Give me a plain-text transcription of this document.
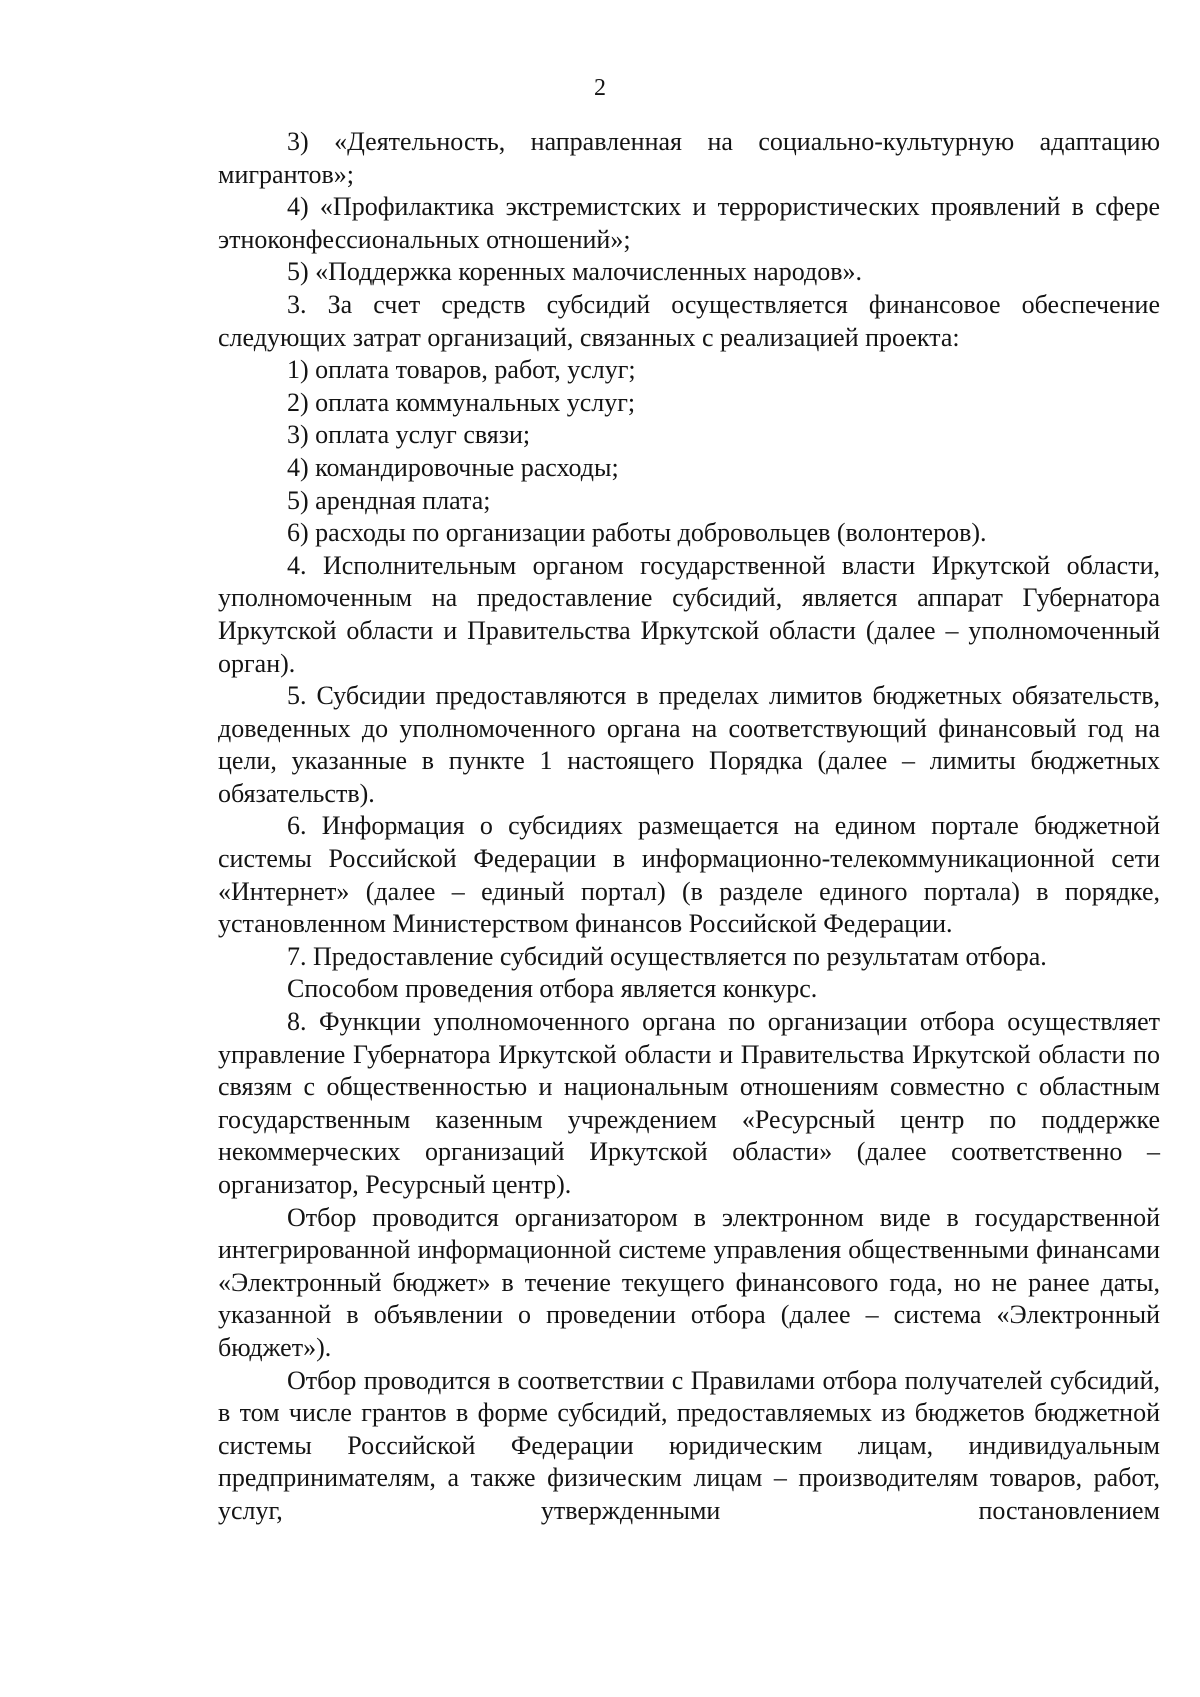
2

3) «Деятельность, направленная на социально-культурную адаптацию мигрантов»;

4) «Профилактика экстремистских и террористических проявлений в сфере этноконфессиональных отношений»;

5) «Поддержка коренных малочисленных народов».

3. За счет средств субсидий осуществляется финансовое обеспечение следующих затрат организаций, связанных с реализацией проекта:

1) оплата товаров, работ, услуг;

2) оплата коммунальных услуг;

3) оплата услуг связи;

4) командировочные расходы;

5) арендная плата;

6) расходы по организации работы добровольцев (волонтеров).

4. Исполнительным органом государственной власти Иркутской области, уполномоченным на предоставление субсидий, является аппарат Губернатора Иркутской области и Правительства Иркутской области (далее – уполномоченный орган).

5. Субсидии предоставляются в пределах лимитов бюджетных обязательств, доведенных до уполномоченного органа на соответствующий финансовый год на цели, указанные в пункте 1 настоящего Порядка (далее – лимиты бюджетных обязательств).

6. Информация о субсидиях размещается на едином портале бюджетной системы Российской Федерации в информационно-телекоммуникационной сети «Интернет» (далее – единый портал) (в разделе единого портала) в порядке, установленном Министерством финансов Российской Федерации.

7. Предоставление субсидий осуществляется по результатам отбора.

Способом проведения отбора является конкурс.

8. Функции уполномоченного органа по организации отбора осуществляет управление Губернатора Иркутской области и Правительства Иркутской области по связям с общественностью и национальным отношениям совместно с областным государственным казенным учреждением «Ресурсный центр по поддержке некоммерческих организаций Иркутской области» (далее соответственно – организатор, Ресурсный центр).

Отбор проводится организатором в электронном виде в государственной интегрированной информационной системе управления общественными финансами «Электронный бюджет» в течение текущего финансового года, но не ранее даты, указанной в объявлении о проведении отбора (далее – система «Электронный бюджет»).

Отбор проводится в соответствии с Правилами отбора получателей субсидий, в том числе грантов в форме субсидий, предоставляемых из бюджетов бюджетной системы Российской Федерации юридическим лицам, индивидуальным предпринимателям, а также физическим лицам – производителям товаров, работ, услуг, утвержденными постановлением
